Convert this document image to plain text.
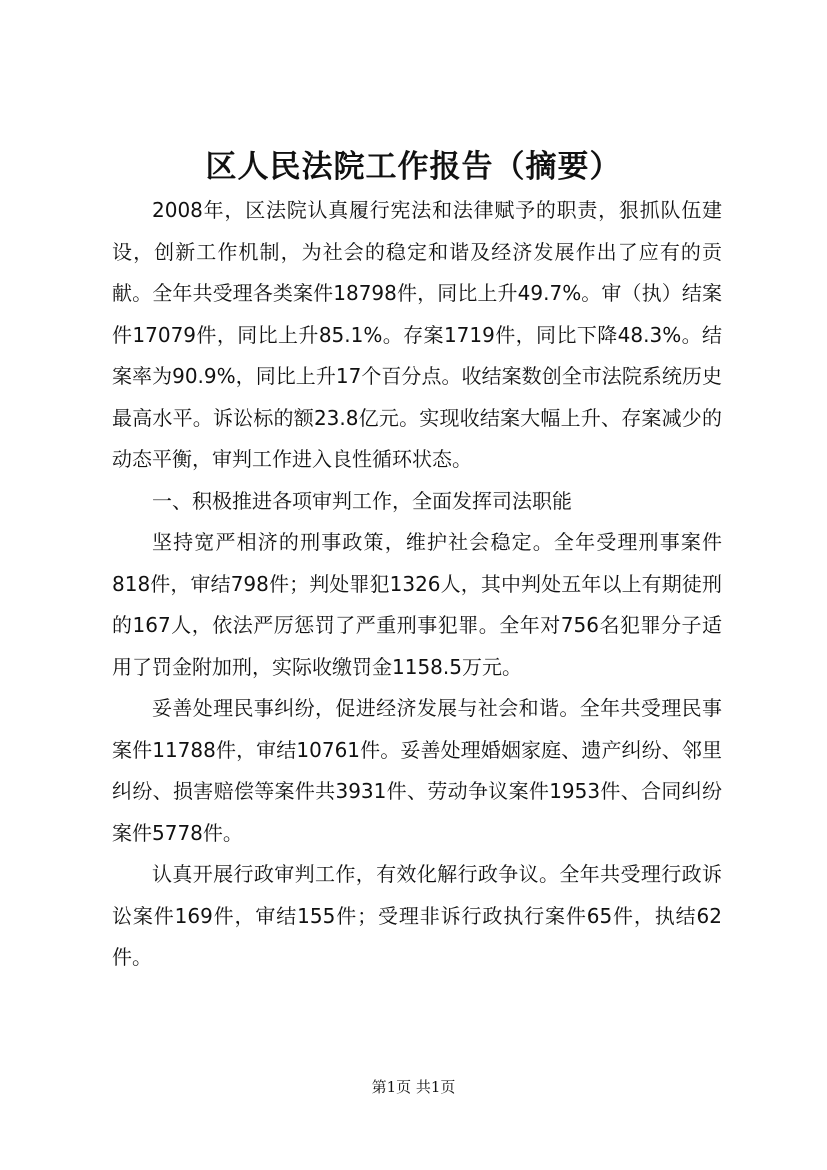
区人民法院工作报告（摘要）

2008年，区法院认真履行宪法和法律赋予的职责，狠抓队伍建设，创新工作机制，为社会的稳定和谐及经济发展作出了应有的贡献。全年共受理各类案件18798件，同比上升49.7%。审（执）结案件17079件，同比上升85.1%。存案1719件，同比下降48.3%。结案率为90.9%，同比上升17个百分点。收结案数创全市法院系统历史最高水平。诉讼标的额23.8亿元。实现收结案大幅上升、存案减少的动态平衡，审判工作进入良性循环状态。

一、积极推进各项审判工作，全面发挥司法职能

坚持宽严相济的刑事政策，维护社会稳定。全年受理刑事案件818件，审结798件；判处罪犯1326人，其中判处五年以上有期徒刑的167人，依法严厉惩罚了严重刑事犯罪。全年对756名犯罪分子适用了罚金附加刑，实际收缴罚金1158.5万元。

妥善处理民事纠纷，促进经济发展与社会和谐。全年共受理民事案件11788件，审结10761件。妥善处理婚姻家庭、遗产纠纷、邻里纠纷、损害赔偿等案件共3931件、劳动争议案件1953件、合同纠纷案件5778件。

认真开展行政审判工作，有效化解行政争议。全年共受理行政诉讼案件169件，审结155件；受理非诉行政执行案件65件，执结62件。

第1页 共1页
